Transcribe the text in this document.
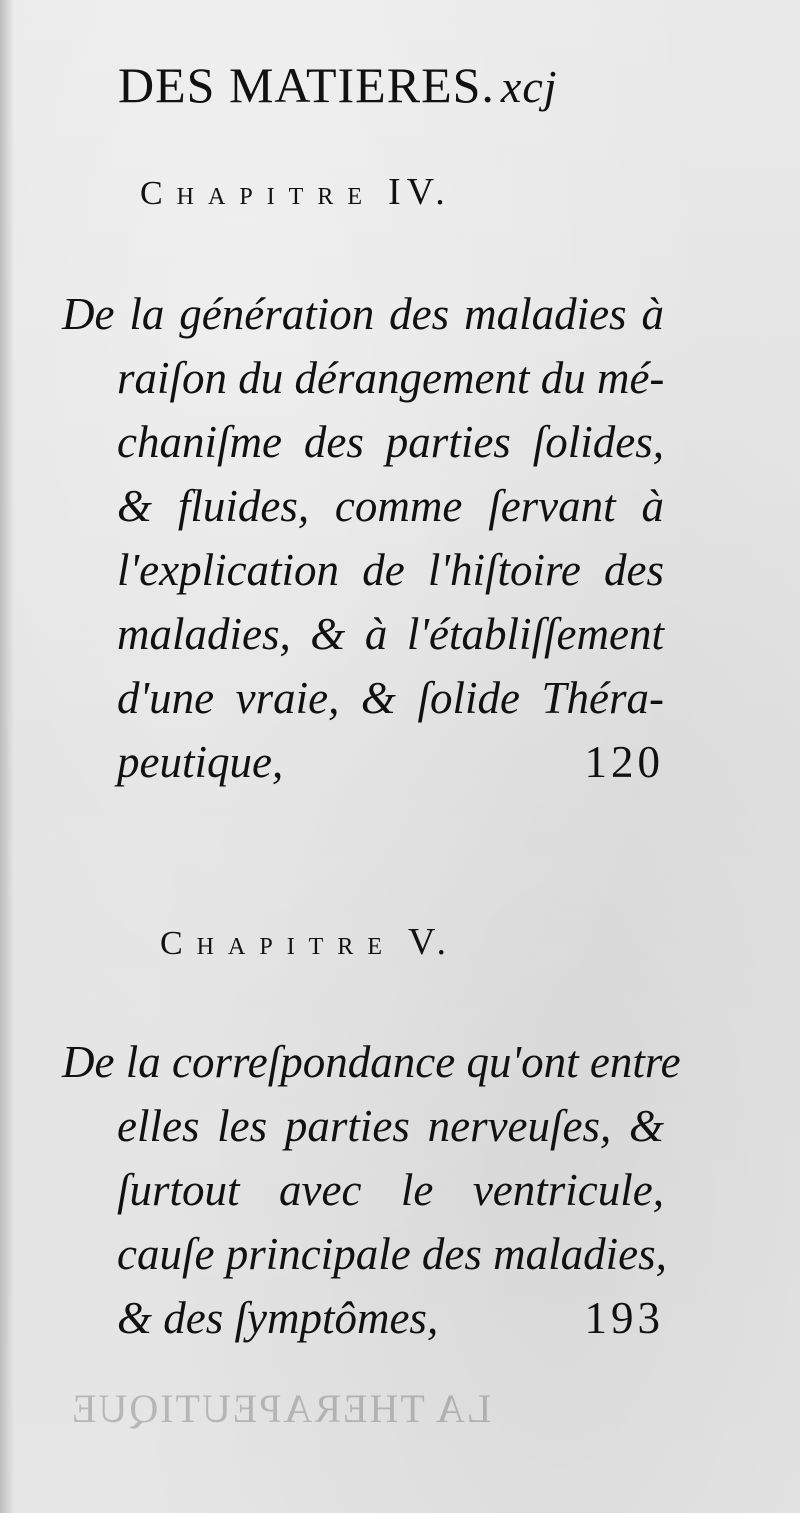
DES MATIERES. xcj
Chapitre IV.
De la génération des maladies à
raiſon du dérangement du mé-
chaniſme des parties ſolides,
& fluides, comme ſervant à
l'explication de l'hiſtoire des
maladies, & à l'établiſſement
d'une vraie, & ſolide Théra-
peutique,	120
Chapitre V.
De la correſpondance qu'ont entre
elles les parties nerveuſes, &
ſurtout avec le ventricule,
cauſe principale des maladies,
& des ſymptômes,	193
LA THERAPEUTIQUE
